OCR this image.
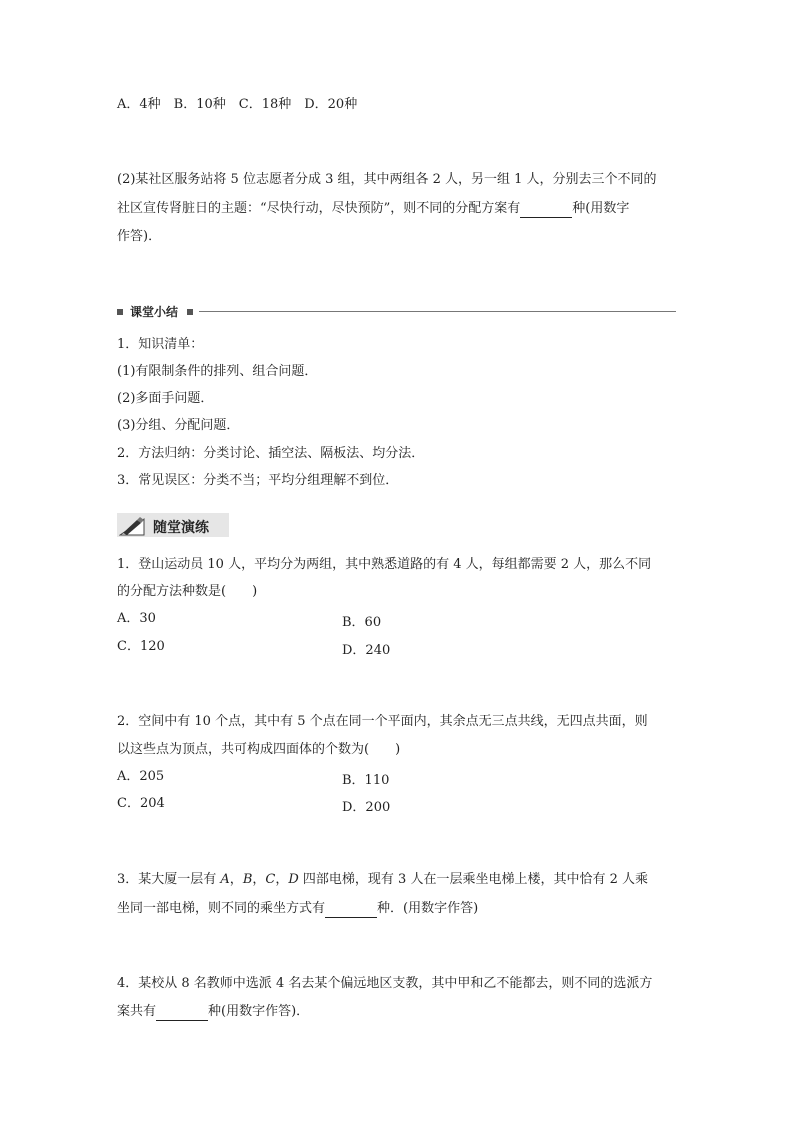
A．4种　B．10种　C．18种　D．20种
(2)某社区服务站将 5 位志愿者分成 3 组，其中两组各 2 人，另一组 1 人，分别去三个不同的
社区宣传肾脏日的主题：“尽快行动，尽快预防”，则不同的分配方案有	种(用数字
作答)．
课堂小结
1．知识清单：
(1)有限制条件的排列、组合问题．
(2)多面手问题．
(3)分组、分配问题．
2．方法归纳：分类讨论、插空法、隔板法、均分法．
3．常见误区：分类不当；平均分组理解不到位．
随堂演练
1．登山运动员 10 人，平均分为两组，其中熟悉道路的有 4 人，每组都需要 2 人，那么不同
的分配方法种数是(　　)
A．30	B．60
C．120	D．240
2．空间中有 10 个点，其中有 5 个点在同一个平面内，其余点无三点共线，无四点共面，则
以这些点为顶点，共可构成四面体的个数为(　　)
A．205	B．110
C．204	D．200
3．某大厦一层有 A，B，C，D 四部电梯，现有 3 人在一层乘坐电梯上楼，其中恰有 2 人乘
坐同一部电梯，则不同的乘坐方式有	种．(用数字作答)
4．某校从 8 名教师中选派 4 名去某个偏远地区支教，其中甲和乙不能都去，则不同的选派方
案共有	种(用数字作答)．
